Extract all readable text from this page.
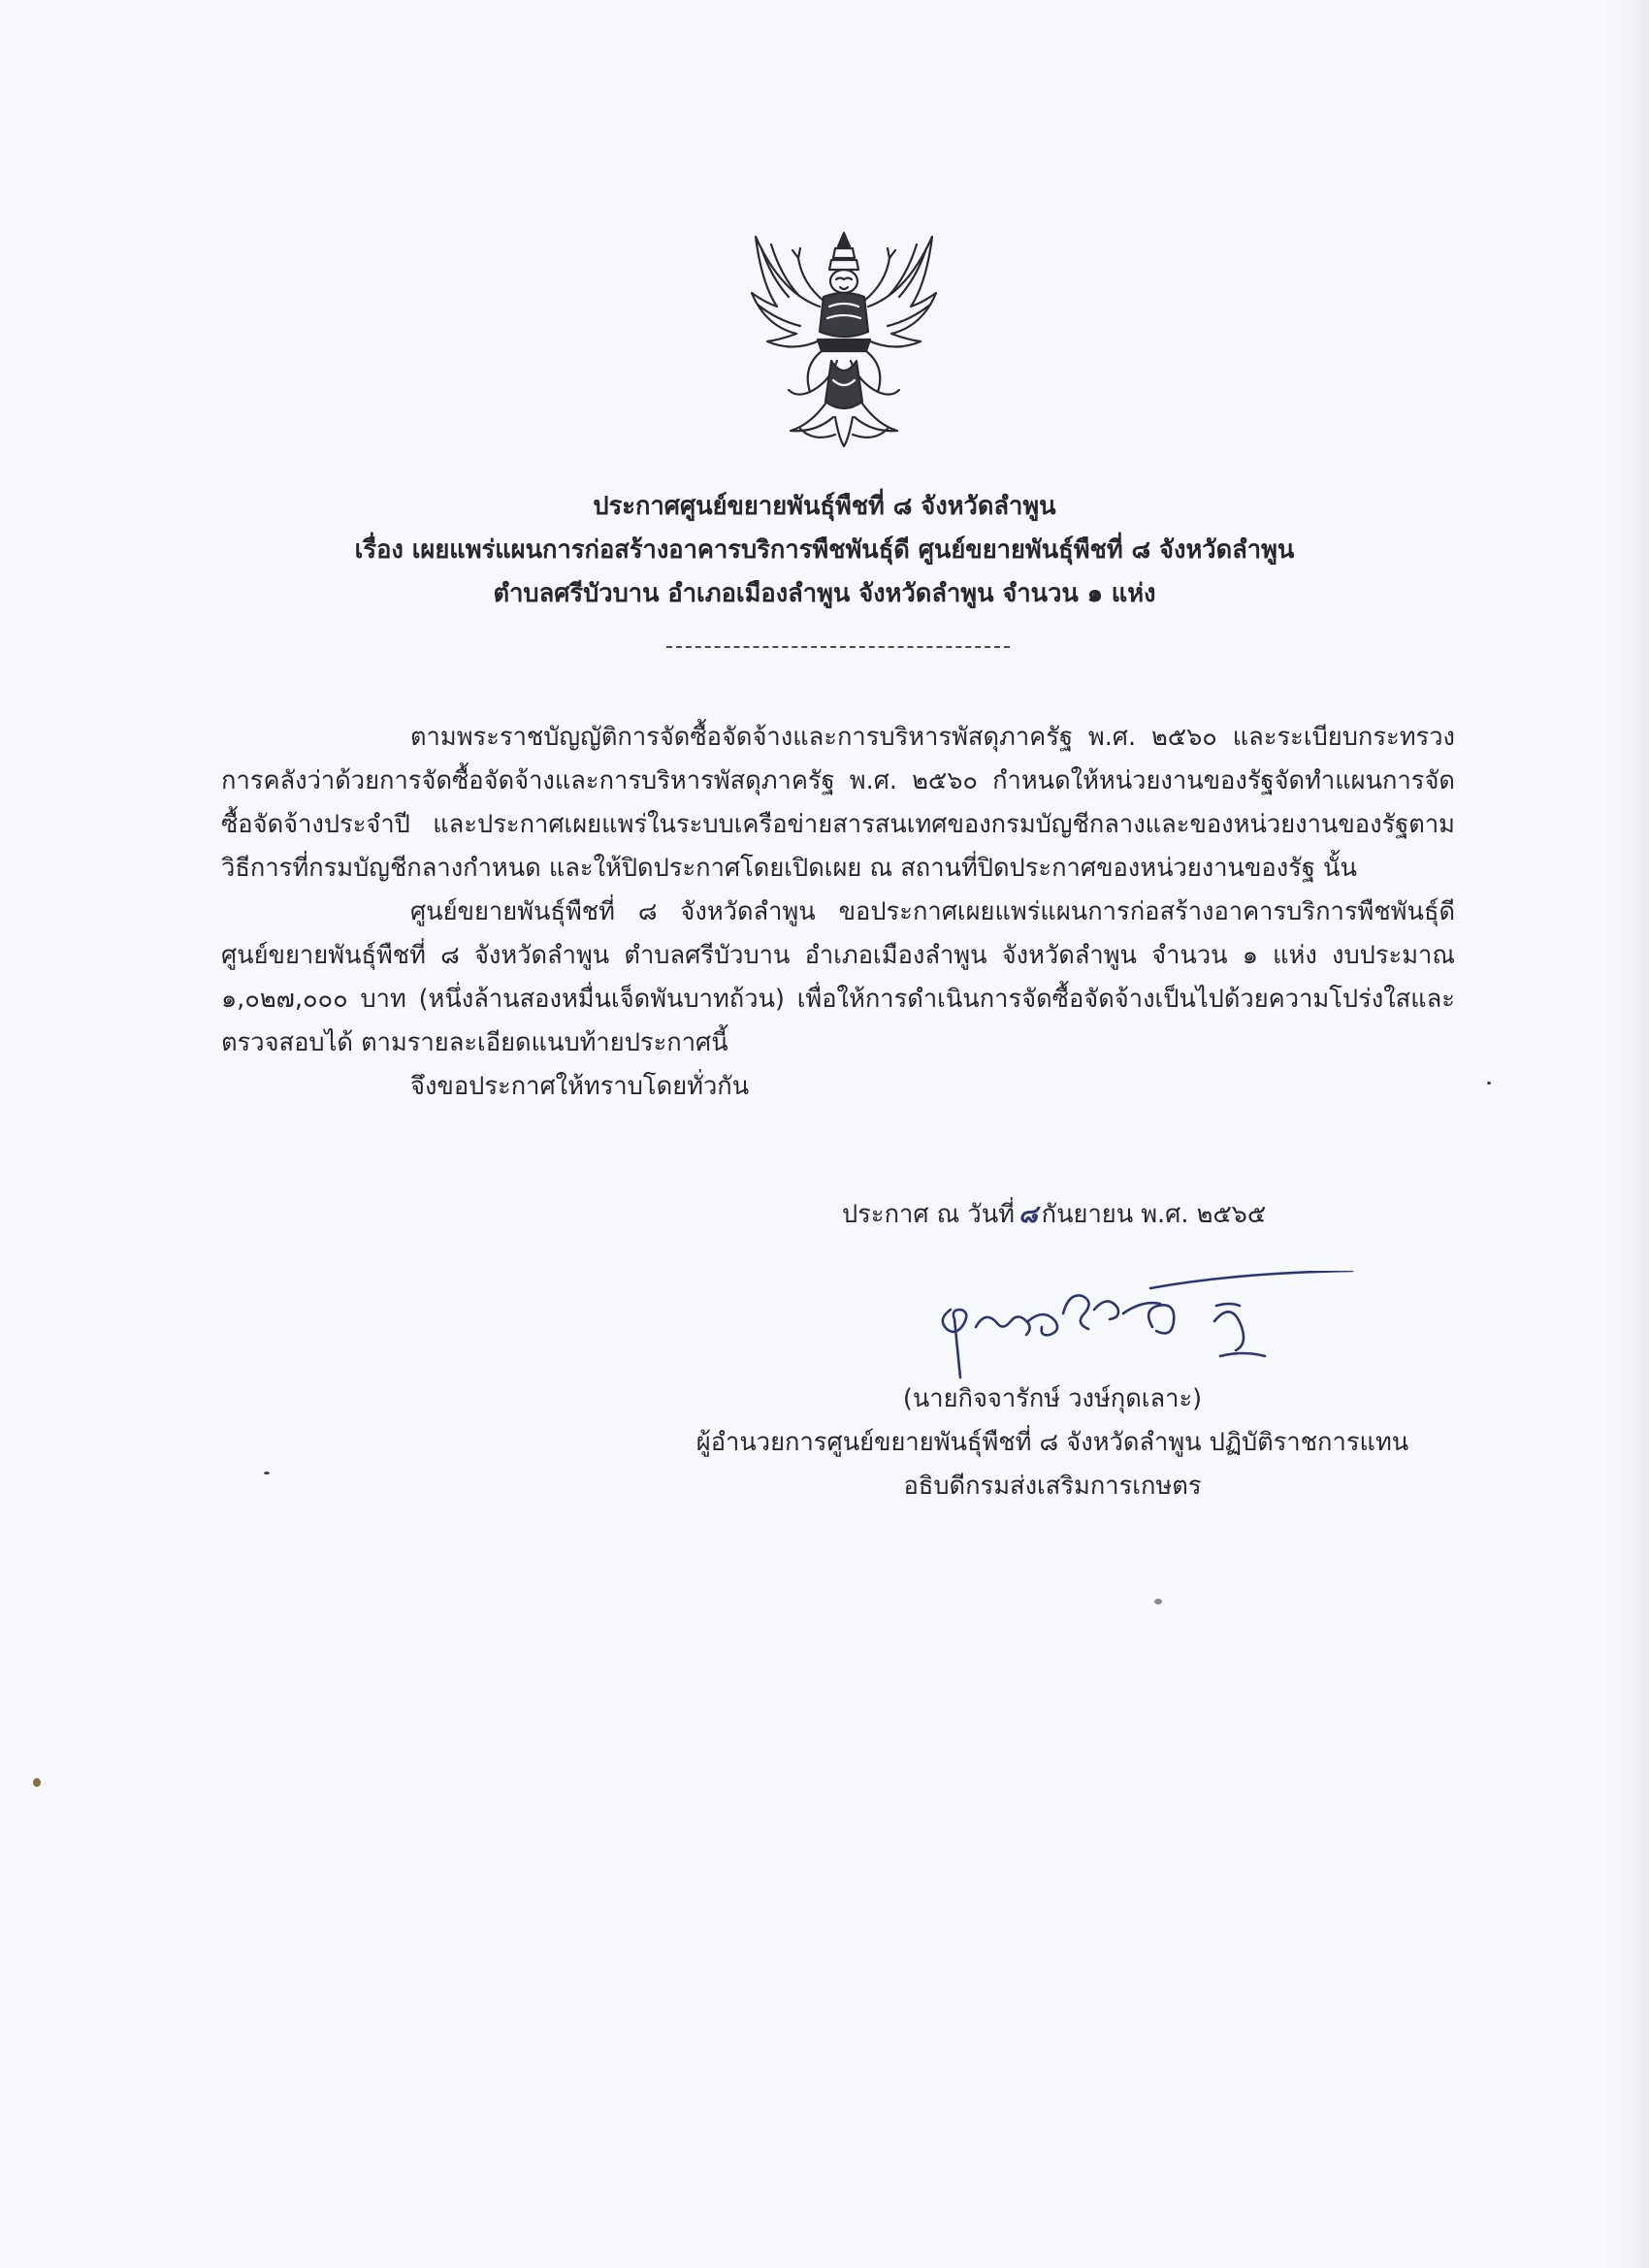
ประกาศศูนย์ขยายพันธุ์พืชที่ ๘ จังหวัดลำพูน
เรื่อง เผยแพร่แผนการก่อสร้างอาคารบริการพืชพันธุ์ดี ศูนย์ขยายพันธุ์พืชที่ ๘ จังหวัดลำพูน
ตำบลศรีบัวบาน อำเภอเมืองลำพูน จังหวัดลำพูน จำนวน ๑ แห่ง

ตามพระราชบัญญัติการจัดซื้อจัดจ้างและการบริหารพัสดุภาครัฐ พ.ศ. ๒๕๖๐ และระเบียบกระทรวงการคลังว่าด้วยการจัดซื้อจัดจ้างและการบริหารพัสดุภาครัฐ พ.ศ. ๒๕๖๐ กำหนดให้หน่วยงานของรัฐจัดทำแผนการจัดซื้อจัดจ้างประจำปี และประกาศเผยแพร่ในระบบเครือข่ายสารสนเทศของกรมบัญชีกลางและของหน่วยงานของรัฐตามวิธีการที่กรมบัญชีกลางกำหนด และให้ปิดประกาศโดยเปิดเผย ณ สถานที่ปิดประกาศของหน่วยงานของรัฐ นั้น

ศูนย์ขยายพันธุ์พืชที่ ๘ จังหวัดลำพูน ขอประกาศเผยแพร่แผนการก่อสร้างอาคารบริการพืชพันธุ์ดีศูนย์ขยายพันธุ์พืชที่ ๘ จังหวัดลำพูน ตำบลศรีบัวบาน อำเภอเมืองลำพูน จังหวัดลำพูน จำนวน ๑ แห่ง งบประมาณ ๑,๐๒๗,๐๐๐ บาท (หนึ่งล้านสองหมื่นเจ็ดพันบาทถ้วน) เพื่อให้การดำเนินการจัดซื้อจัดจ้างเป็นไปด้วยความโปร่งใสและตรวจสอบได้ ตามรายละเอียดแนบท้ายประกาศนี้

จึงขอประกาศให้ทราบโดยทั่วกัน

ประกาศ ณ วันที่ ๘ กันยายน พ.ศ. ๒๕๖๕
(นายกิจจารักษ์ วงษ์กุดเลาะ)
ผู้อำนวยการศูนย์ขยายพันธุ์พืชที่ ๘ จังหวัดลำพูน ปฏิบัติราชการแทน
อธิบดีกรมส่งเสริมการเกษตร
